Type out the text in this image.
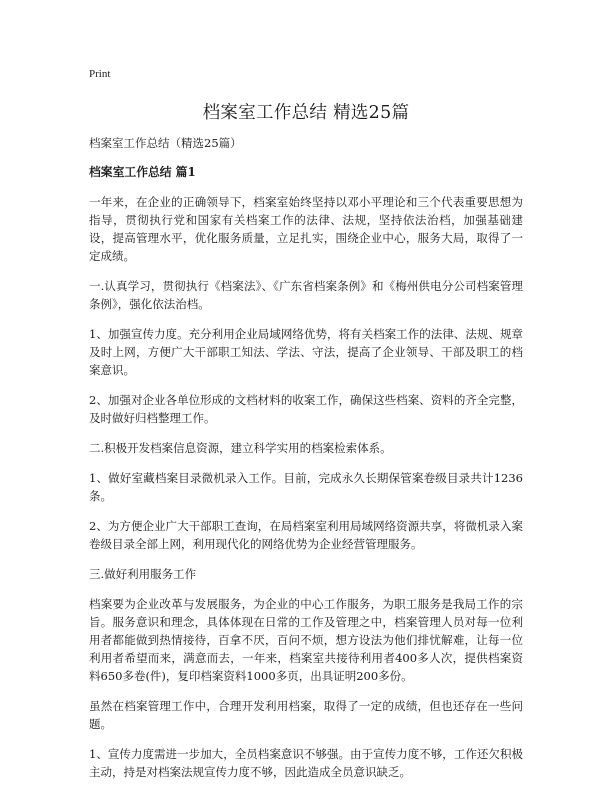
Print
档案室工作总结 精选25篇
档案室工作总结（精选25篇）
档案室工作总结 篇1

一年来，在企业的正确领导下，档案室始终坚持以邓小平理论和三个代表重要思想为指导，贯彻执行党和国家有关档案工作的法律、法规，坚持依法治档，加强基础建设，提高管理水平，优化服务质量，立足扎实，围绕企业中心，服务大局，取得了一定成绩。

一.认真学习，贯彻执行《档案法》、《广东省档案条例》和《梅州供电分公司档案管理条例》，强化依法治档。

1、加强宣传力度。充分利用企业局域网络优势，将有关档案工作的法律、法规、规章及时上网，方便广大干部职工知法、学法、守法，提高了企业领导、干部及职工的档案意识。

2、加强对企业各单位形成的文档材料的收案工作，确保这些档案、资料的齐全完整，及时做好归档整理工作。

二.积极开发档案信息资源，建立科学实用的档案检索体系。

1、做好室藏档案目录微机录入工作。目前，完成永久长期保管案卷级目录共计1236条。

2、为方便企业广大干部职工查询，在局档案室利用局域网络资源共享，将微机录入案卷级目录全部上网，利用现代化的网络优势为企业经营管理服务。

三.做好利用服务工作

档案要为企业改革与发展服务，为企业的中心工作服务，为职工服务是我局工作的宗旨。服务意识和理念，具体体现在日常的工作及管理之中，档案管理人员对每一位利用者都能做到热情接待，百拿不厌，百问不烦，想方设法为他们排忧解难，让每一位利用者希望而来，满意而去，一年来，档案室共接待利用者400多人次，提供档案资料650多卷(件)，复印档案资料1000多页，出具证明200多份。

虽然在档案管理工作中，合理开发利用档案，取得了一定的成绩，但也还存在一些问题。

1、宣传力度需进一步加大，全员档案意识不够强。由于宣传力度不够，工作还欠积极主动，持是对档案法规宣传力度不够，因此造成全员意识缺乏。
